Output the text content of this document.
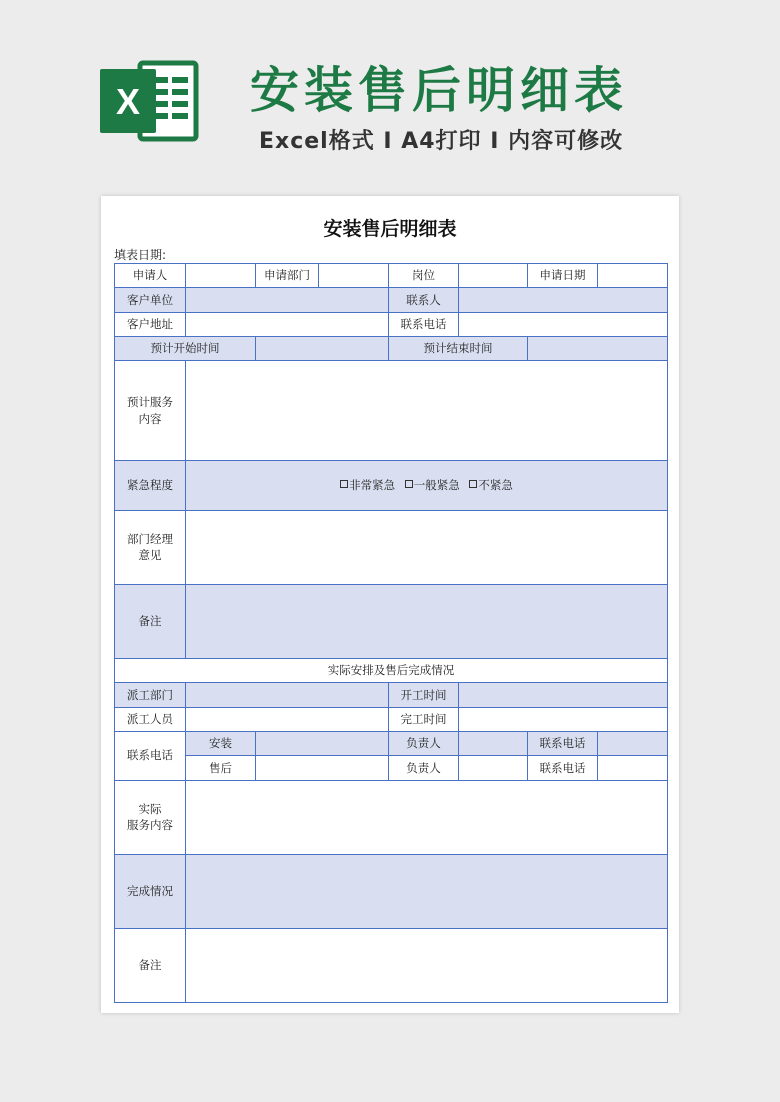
X 安装售后明细表
Excel格式 I A4打印 I 内容可修改
安装售后明细表
填表日期:
申请人		申请部门		岗位		申请日期	
客户单位				联系人			
客户地址				联系电话			
预计开始时间				预计结束时间			
预计服务
内容							
紧急程度	非常紧急 一般紧急 不紧急						
部门经理
意见							
备注							
实际安排及售后完成情况							
派工部门				开工时间			
派工人员				完工时间			
联系电话	安装			负责人		联系电话	
	售后			负责人		联系电话	
实际
服务内容							
完成情况							
备注							
